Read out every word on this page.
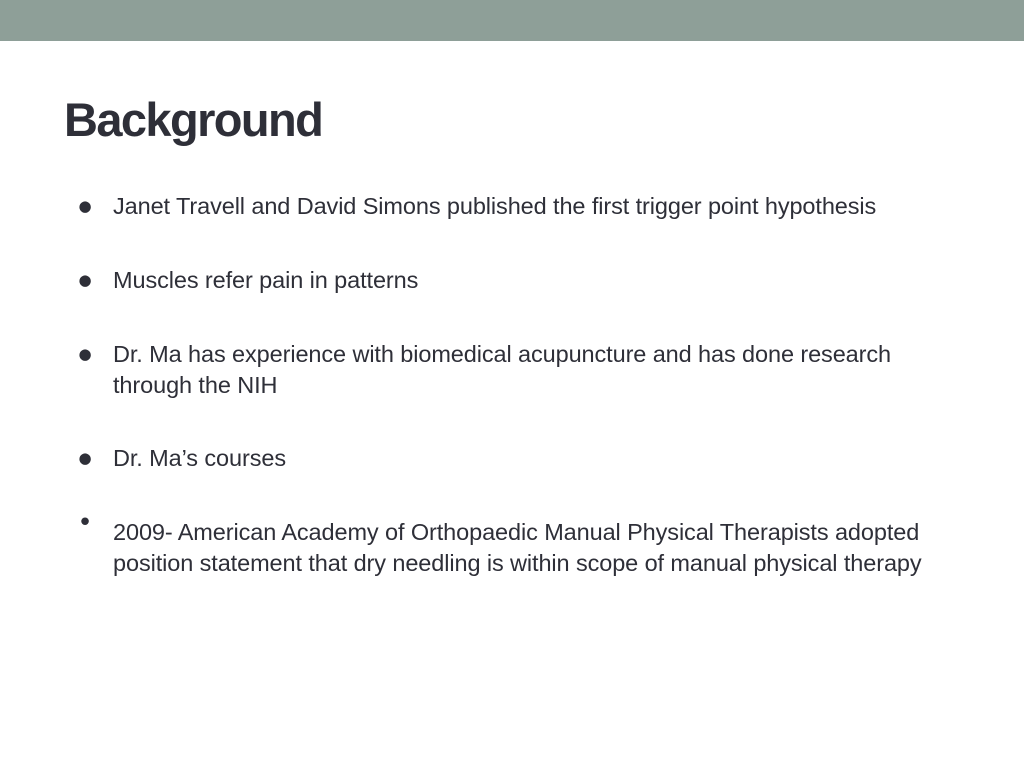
Background
● Janet Travell and David Simons published the first trigger point hypothesis
● Muscles refer pain in patterns
● Dr. Ma has experience with biomedical acupuncture and has done research through the NIH
● Dr. Ma’s courses
• 2009- American Academy of Orthopaedic Manual Physical Therapists adopted position statement that dry needling is within scope of manual physical therapy
